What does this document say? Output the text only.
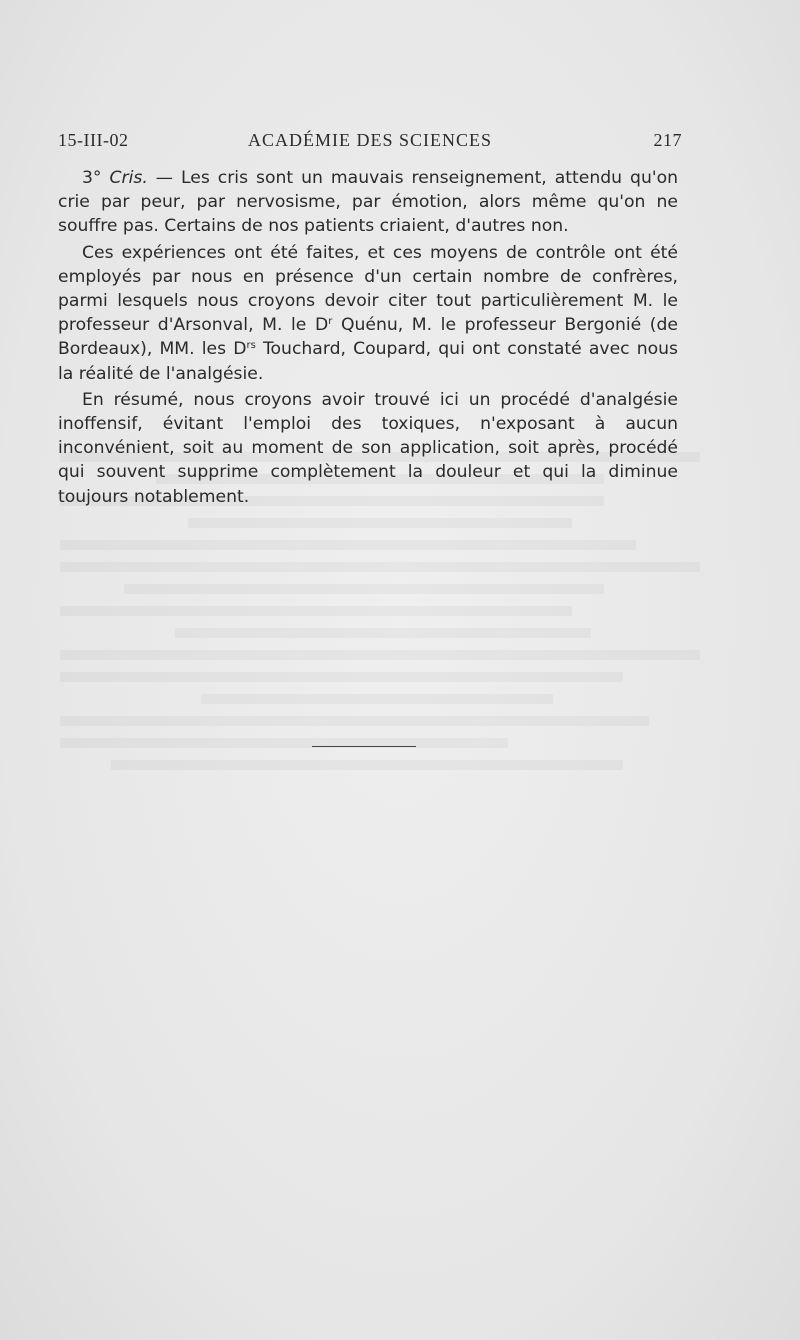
15-III-02	ACADÉMIE DES SCIENCES	217

3° Cris. — Les cris sont un mauvais renseignement, attendu qu'on crie par peur, par nervosisme, par émotion, alors même qu'on ne souffre pas. Certains de nos patients criaient, d'autres non.

Ces expériences ont été faites, et ces moyens de contrôle ont été employés par nous en présence d'un certain nombre de confrères, parmi lesquels nous croyons devoir citer tout particulièrement M. le professeur d'Arsonval, M. le $D^r$ Quénu, M. le professeur Bergonié (de Bordeaux), MM. les $D^{rs}$ Touchard, Coupard, qui ont constaté avec nous la réalité de l'analgésie.

En résumé, nous croyons avoir trouvé ici un procédé d'analgésie inoffensif, évitant l'emploi des toxiques, n'exposant à aucun inconvénient, soit au moment de son application, soit après, procédé qui souvent supprime complètement la douleur et qui la diminue toujours notablement.
